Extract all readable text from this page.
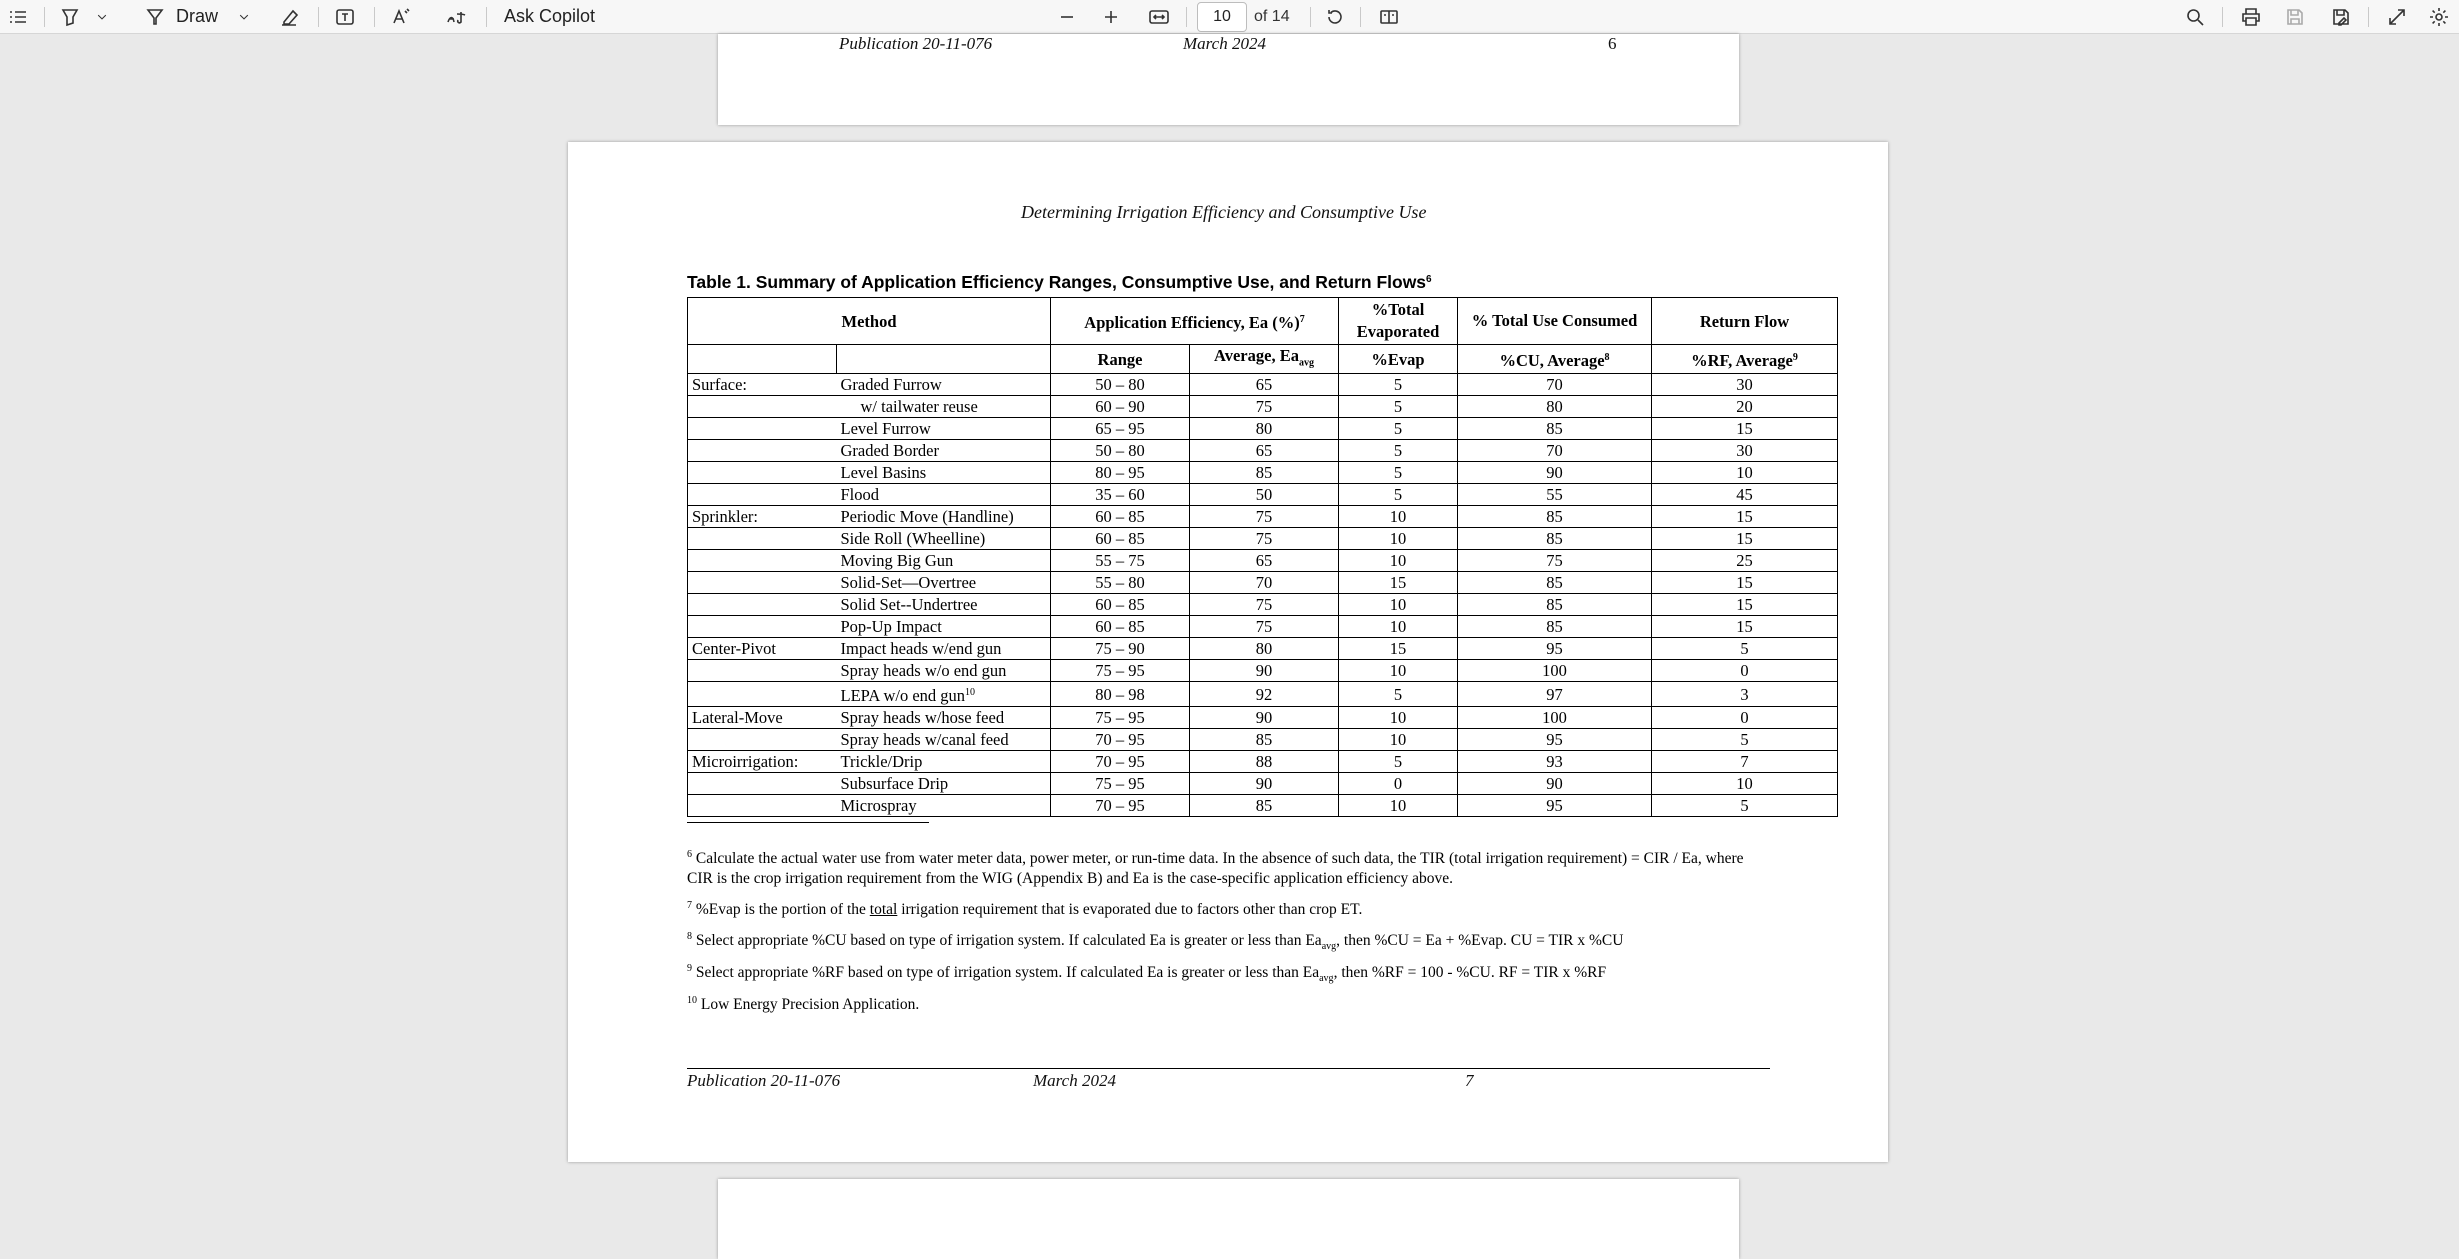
Draw	Ask Copilot	10	of 14
Publication 20-11-076	March 2024	6
Determining Irrigation Efficiency and Consumptive Use
Table 1. Summary of Application Efficiency Ranges, Consumptive Use, and Return Flows$^6$
Method		Application Efficiency, Ea (%)$^7$		%Total Evaporated	% Total Use Consumed	Return Flow
		Range	Average, $Ea_{avg}$	%Evap	%CU, Average$^8$	%RF, Average$^9$
Surface:	Graded Furrow	50 – 80	65	5	70	30
	w/ tailwater reuse	60 – 90	75	5	80	20
	Level Furrow	65 – 95	80	5	85	15
	Graded Border	50 – 80	65	5	70	30
	Level Basins	80 – 95	85	5	90	10
	Flood	35 – 60	50	5	55	45
Sprinkler:	Periodic Move (Handline)	60 – 85	75	10	85	15
	Side Roll (Wheelline)	60 – 85	75	10	85	15
	Moving Big Gun	55 – 75	65	10	75	25
	Solid-Set—Overtree	55 – 80	70	15	85	15
	Solid Set--Undertree	60 – 85	75	10	85	15
	Pop-Up Impact	60 – 85	75	10	85	15
Center-Pivot	Impact heads w/end gun	75 – 90	80	15	95	5
	Spray heads w/o end gun	75 – 95	90	10	100	0
	LEPA w/o end gun$^{10}$	80 – 98	92	5	97	3
Lateral-Move	Spray heads w/hose feed	75 – 95	90	10	100	0
	Spray heads w/canal feed	70 – 95	85	10	95	5
Microirrigation:	Trickle/Drip	70 – 95	88	5	93	7
	Subsurface Drip	75 – 95	90	0	90	10
	Microspray	70 – 95	85	10	95	5
$^6$ Calculate the actual water use from water meter data, power meter, or run-time data. In the absence of such data, the TIR (total irrigation requirement) = CIR / Ea, where CIR is the crop irrigation requirement from the WIG (Appendix B) and Ea is the case-specific application efficiency above.
$^7$ %Evap is the portion of the total irrigation requirement that is evaporated due to factors other than crop ET.
$^8$ Select appropriate %CU based on type of irrigation system. If calculated Ea is greater or less than $Ea_{avg}$, then %CU = Ea + %Evap. CU = TIR x %CU
$^9$ Select appropriate %RF based on type of irrigation system. If calculated Ea is greater or less than $Ea_{avg}$, then %RF = 100 - %CU. RF = TIR x %RF
$^{10}$ Low Energy Precision Application.
Publication 20-11-076	March 2024	7
